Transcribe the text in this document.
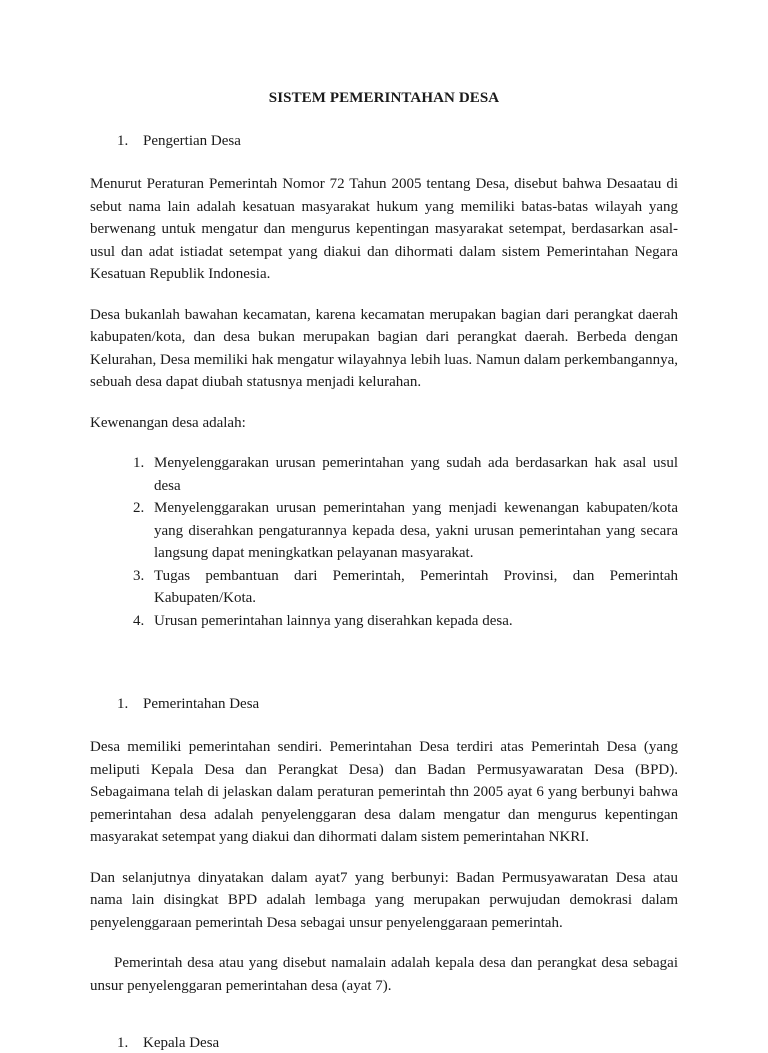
SISTEM PEMERINTAHAN DESA
1. Pengertian Desa

Menurut Peraturan Pemerintah Nomor 72 Tahun 2005 tentang Desa, disebut bahwa Desaatau di sebut nama lain adalah kesatuan masyarakat hukum yang memiliki batas-batas wilayah yang berwenang untuk mengatur dan mengurus kepentingan masyarakat setempat, berdasarkan asal-usul dan adat istiadat setempat yang diakui dan dihormati dalam sistem Pemerintahan Negara Kesatuan Republik Indonesia.

Desa bukanlah bawahan kecamatan, karena kecamatan merupakan bagian dari perangkat daerah kabupaten/kota, dan desa bukan merupakan bagian dari perangkat daerah. Berbeda dengan Kelurahan, Desa memiliki hak mengatur wilayahnya lebih luas. Namun dalam perkembangannya, sebuah desa dapat diubah statusnya menjadi kelurahan.

Kewenangan desa adalah:

Menyelenggarakan urusan pemerintahan yang sudah ada berdasarkan hak asal usul desa
Menyelenggarakan urusan pemerintahan yang menjadi kewenangan kabupaten/kota yang diserahkan pengaturannya kepada desa, yakni urusan pemerintahan yang secara langsung dapat meningkatkan pelayanan masyarakat.
Tugas pembantuan dari Pemerintah, Pemerintah Provinsi, dan Pemerintah Kabupaten/Kota.
Urusan pemerintahan lainnya yang diserahkan kepada desa.
1. Pemerintahan Desa

Desa memiliki pemerintahan sendiri. Pemerintahan Desa terdiri atas Pemerintah Desa (yang meliputi Kepala Desa dan Perangkat Desa) dan Badan Permusyawaratan Desa (BPD). Sebagaimana telah di jelaskan dalam peraturan pemerintah thn 2005 ayat 6 yang berbunyi bahwa pemerintahan desa adalah penyelenggaran desa dalam mengatur dan mengurus kepentingan masyarakat setempat yang diakui dan dihormati dalam sistem pemerintahan NKRI.

Dan selanjutnya dinyatakan dalam ayat7 yang berbunyi: Badan Permusyawaratan Desa atau nama lain disingkat BPD adalah lembaga yang merupakan perwujudan demokrasi dalam penyelenggaraan pemerintah Desa sebagai unsur penyelenggaraan pemerintah.

Pemerintah desa atau yang disebut namalain adalah kepala desa dan perangkat desa sebagai unsur penyelenggaran pemerintahan desa (ayat 7).

1. Kepala Desa
